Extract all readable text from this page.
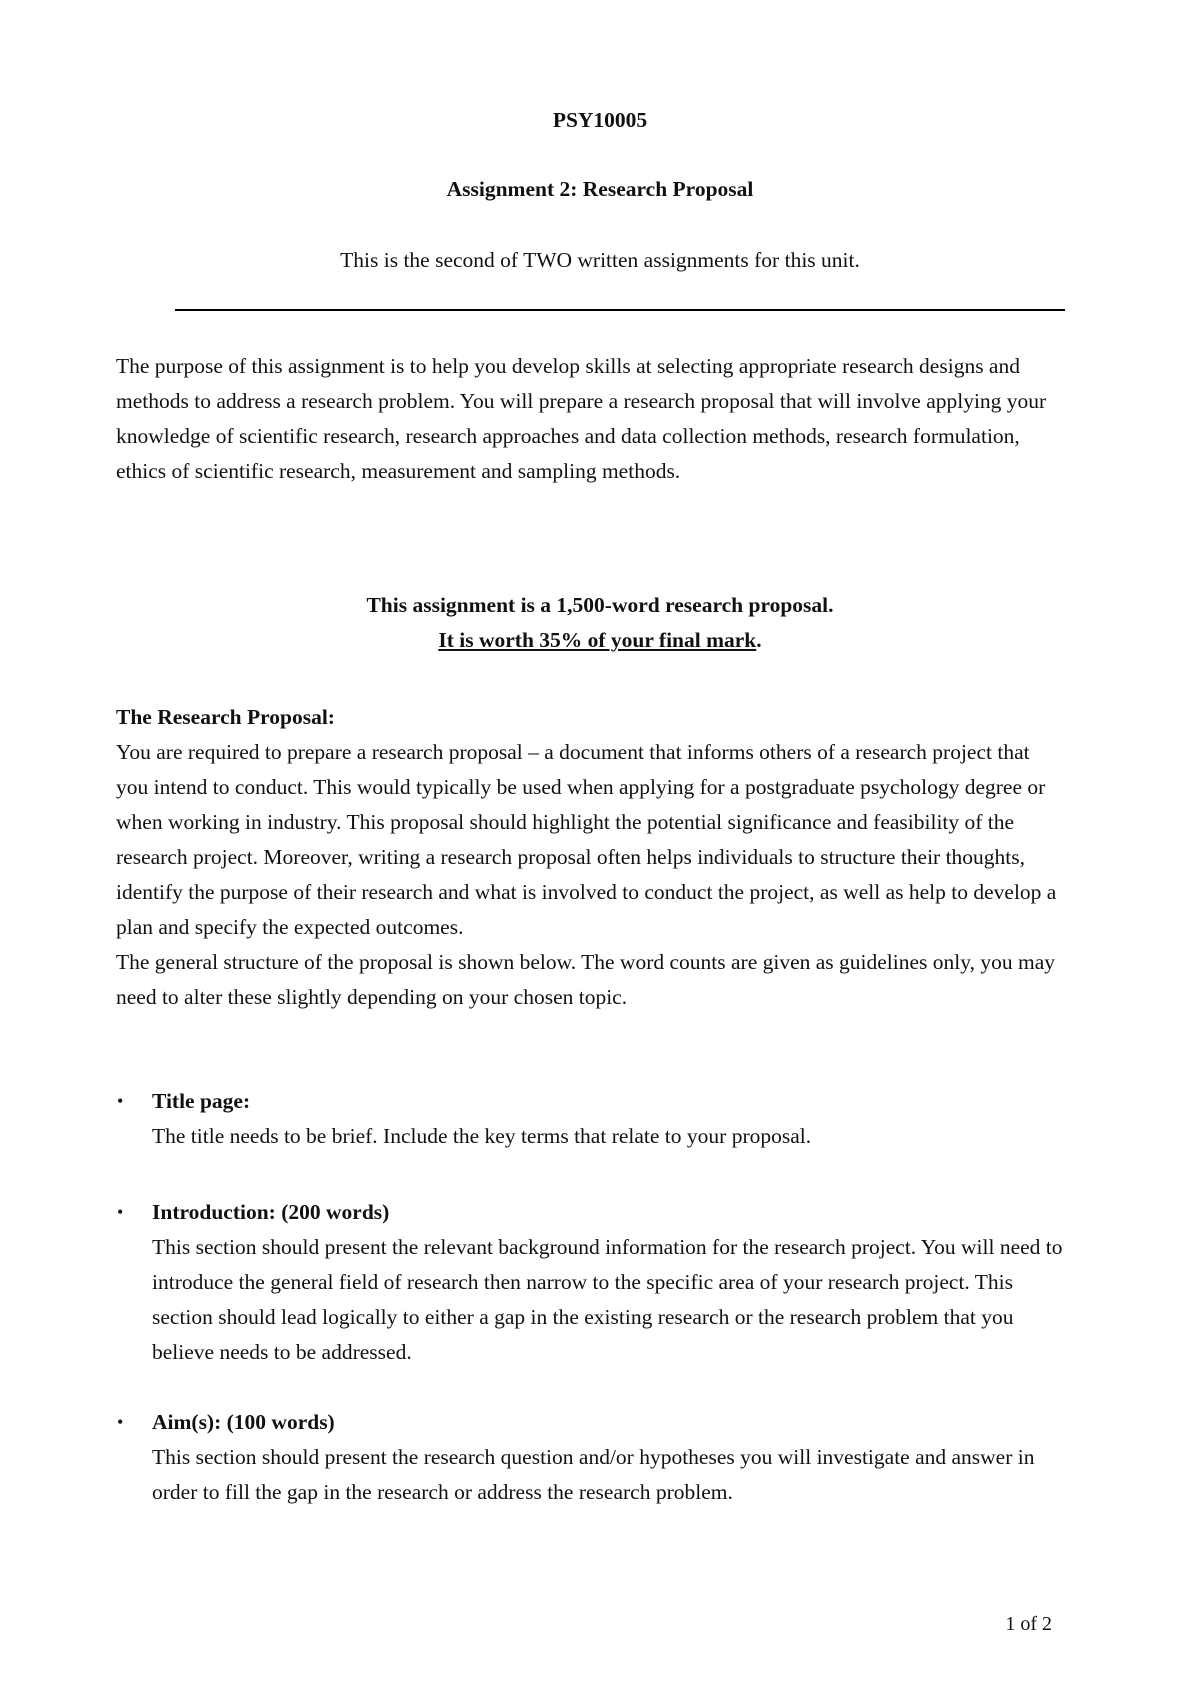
PSY10005
Assignment 2: Research Proposal
This is the second of TWO written assignments for this unit.

The purpose of this assignment is to help you develop skills at selecting appropriate research designs and methods to address a research problem. You will prepare a research proposal that will involve applying your knowledge of scientific research, research approaches and data collection methods, research formulation, ethics of scientific research, measurement and sampling methods.

This assignment is a 1,500-word research proposal.
It is worth 35% of your final mark.

The Research Proposal:

You are required to prepare a research proposal – a document that informs others of a research project that you intend to conduct. This would typically be used when applying for a postgraduate psychology degree or when working in industry. This proposal should highlight the potential significance and feasibility of the research project. Moreover, writing a research proposal often helps individuals to structure their thoughts, identify the purpose of their research and what is involved to conduct the project, as well as help to develop a plan and specify the expected outcomes.

The general structure of the proposal is shown below. The word counts are given as guidelines only, you may need to alter these slightly depending on your chosen topic.

• Title page:

The title needs to be brief. Include the key terms that relate to your proposal.

• Introduction: (200 words)

This section should present the relevant background information for the research project. You will need to introduce the general field of research then narrow to the specific area of your research project. This section should lead logically to either a gap in the existing research or the research problem that you believe needs to be addressed.

• Aim(s): (100 words)

This section should present the research question and/or hypotheses you will investigate and answer in order to fill the gap in the research or address the research problem.

1 of 2
